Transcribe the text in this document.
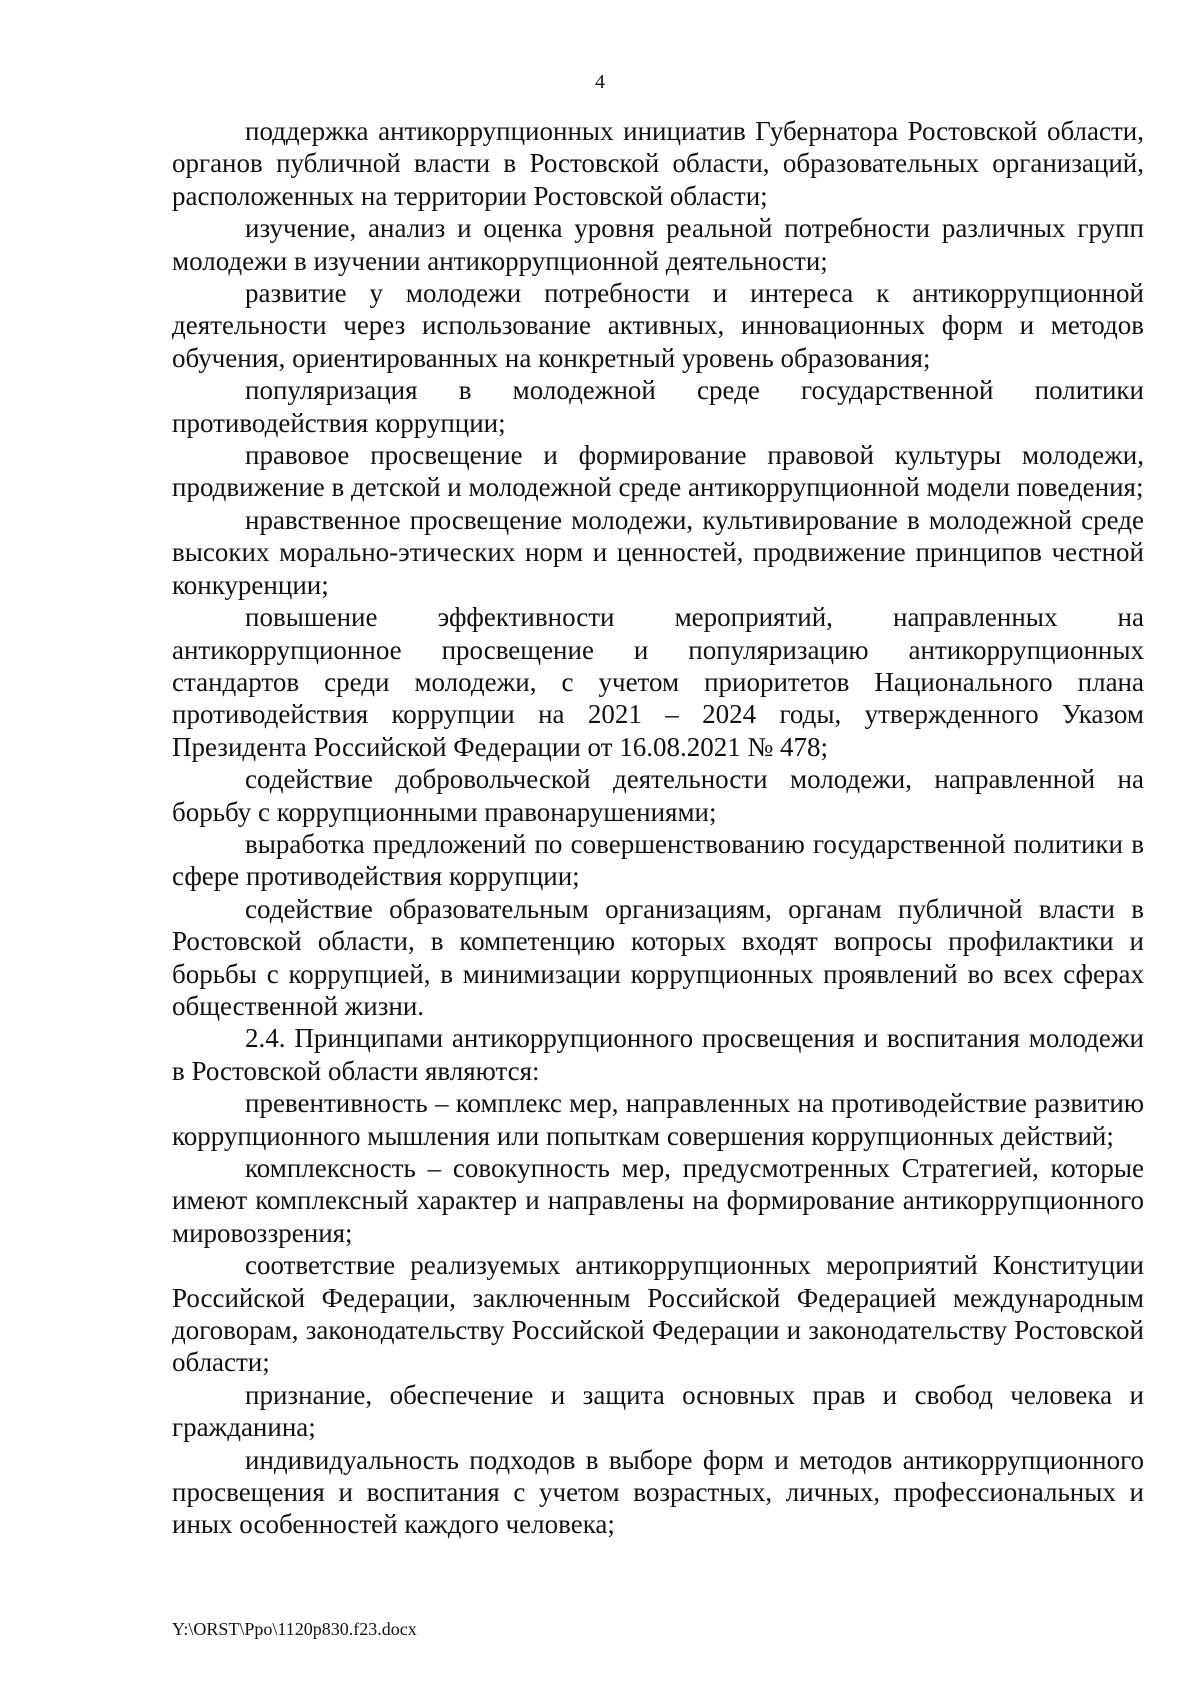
4

поддержка антикоррупционных инициатив Губернатора Ростовской области, органов публичной власти в Ростовской области, образовательных организаций, расположенных на территории Ростовской области;

изучение, анализ и оценка уровня реальной потребности различных групп молодежи в изучении антикоррупционной деятельности;

развитие у молодежи потребности и интереса к антикоррупционной деятельности через использование активных, инновационных форм и методов обучения, ориентированных на конкретный уровень образования;

популяризация в молодежной среде государственной политики противодействия коррупции;

правовое просвещение и формирование правовой культуры молодежи, продвижение в детской и молодежной среде антикоррупционной модели поведения;

нравственное просвещение молодежи, культивирование в молодежной среде высоких морально-этических норм и ценностей, продвижение принципов честной конкуренции;

повышение эффективности мероприятий, направленных на антикоррупционное просвещение и популяризацию антикоррупционных стандартов среди молодежи, с учетом приоритетов Национального плана противодействия коррупции на 2021 – 2024 годы, утвержденного Указом Президента Российской Федерации от 16.08.2021 № 478;

содействие добровольческой деятельности молодежи, направленной на борьбу с коррупционными правонарушениями;

выработка предложений по совершенствованию государственной политики в сфере противодействия коррупции;

содействие образовательным организациям, органам публичной власти в Ростовской области, в компетенцию которых входят вопросы профилактики и борьбы с коррупцией, в минимизации коррупционных проявлений во всех сферах общественной жизни.

2.4. Принципами антикоррупционного просвещения и воспитания молодежи в Ростовской области являются:

превентивность – комплекс мер, направленных на противодействие развитию коррупционного мышления или попыткам совершения коррупционных действий;

комплексность – совокупность мер, предусмотренных Стратегией, которые имеют комплексный характер и направлены на формирование антикоррупционного мировоззрения;

соответствие реализуемых антикоррупционных мероприятий Конституции Российской Федерации, заключенным Российской Федерацией международным договорам, законодательству Российской Федерации и законодательству Ростовской области;

признание, обеспечение и защита основных прав и свобод человека и гражданина;

индивидуальность подходов в выборе форм и методов антикоррупционного просвещения и воспитания с учетом возрастных, личных, профессиональных и иных особенностей каждого человека;

Y:\ORST\Ppo\1120p830.f23.docx
